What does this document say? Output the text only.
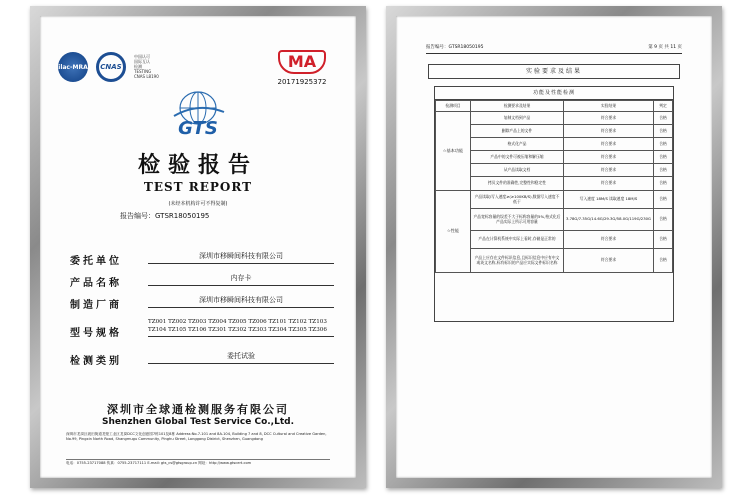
ilac-MRA	CNAS
中国认可
国际互认
检测
TESTING
CNAS L8190
MA
20171925372
GTS
检验报告
TEST REPORT
(未经本机构许可不得复制)
报告编号：GTSR18050195
委托单位	深圳市移瞬间科技有限公司
产品名称	内存卡
制造厂商	深圳市移瞬间科技有限公司
型号规格
TZ001 TZ002 TZ003 TZ004 TZ005 TZ006 TZ101 TZ102 TZ103 TZ104 TZ105 TZ106 TZ301 TZ302 TZ303 TZ304 TZ305 TZ306
检测类别	委托试验
深圳市全球通检测服务有限公司
Shenzhen Global Test Service Co.,Ltd.
深圳市龙岗区坂田街道龙壁工业区龙岗DCC文化创意园7栋101及8栋 Address:No.7-101 and 8A-104, Building 7 and 8, DCC Cultural and Creative Garden, No.99, Pingxin North Road, Shangmugu Community, Pinghu Street, Longgang District, Shenzhen, Guangdong
电话：0755-23717088 传真：0755-23717111 E-mail: gts_cs@gtsgroup.cn 网址：http://www.gtscert.com
报告编号：GTSR18050195	第 9 页 共 11 页
实验要求及结果
功能及性能检测
检测项目	检测要求及结果	实验结果	判定
☆基本功能	复制文档到产品	符合要求	合格
	删除产品上的文件	符合要求	合格
	格式化产品	符合要求	合格
	产品中的文件可被压缩和解压缩	符合要求	合格
	从产品读取文档	符合要求	合格
	拷贝文件的准确性,完整性和稳定性	符合要求	合格
☆性能	产品读取/写入速度≥(≥100KB/S),数据写入速度不低于	写入速度 18M/S 读取速度 18M/S	合格
	产品宽标容量的误差不大于标称容量的5%,格式化后产品实际上所示可用容量	3.78G/7.35G/14.6G/29.3G/58.0G/119G/230G	合格
	产品在计算机系统中实际上看时,存储是正常的	符合要求	合格
	产品上应存在文件标识信息,且标识信息中应有中文或英文名称,标有标识的产品应实际文件标识名称	符合要求	合格
